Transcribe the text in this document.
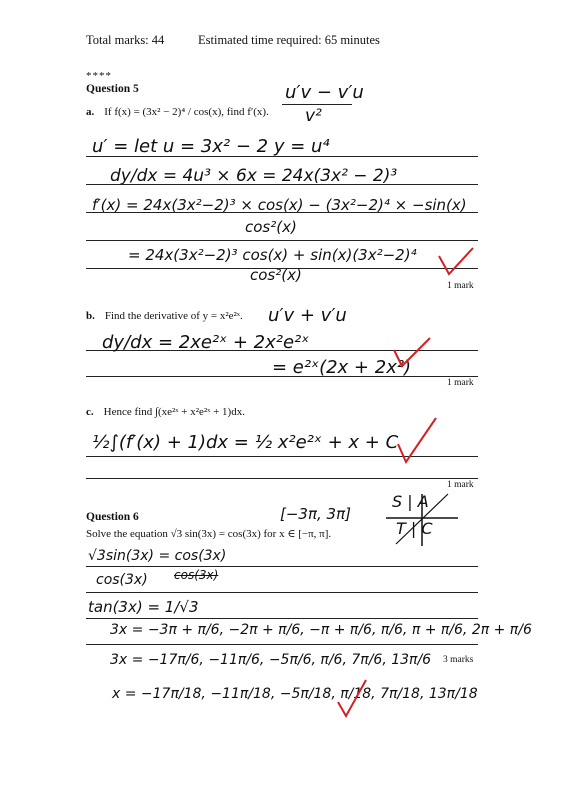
Total marks: 44	Estimated time required: 65 minutes
****
Question 5
a. If f(x) = (3x² − 2)⁴ / cos(x), find f′(x).
u′v − v′u
v²
u′ = let u = 3x² − 2 y = u⁴
dy/dx = 4u³ × 6x = 24x(3x² − 2)³
f′(x) = 24x(3x²−2)³ × cos(x) − (3x²−2)⁴ × −sin(x)
cos²(x)
= 24x(3x²−2)³ cos(x) + sin(x)(3x²−2)⁴
cos²(x)
1 mark
b. Find the derivative of y = x²e²ˣ. u′v + v′u
dy/dx = 2xe²ˣ + 2x²e²ˣ
= e²ˣ(2x + 2x²)
1 mark
c. Hence find ∫(xe²ˣ + x²e²ˣ + 1)dx.
½∫(f′(x) + 1)dx = ½ x²e²ˣ + x + C
1 mark
Question 6
Solve the equation √3 sin(3x) = cos(3x) for x ∈ [−π, π].
[−3π, 3π]
S | A
T | C
√3sin(3x) = cos(3x)
cos(3x) cos(3x)
tan(3x) = 1/√3
3x = −3π + π/6, −2π + π/6, −π + π/6, π/6, π + π/6, 2π + π/6
3x = −17π/6, −11π/6, −5π/6, π/6, 7π/6, 13π/6
x = −17π/18, −11π/18, −5π/18, π/18, 7π/18, 13π/18
3 marks
